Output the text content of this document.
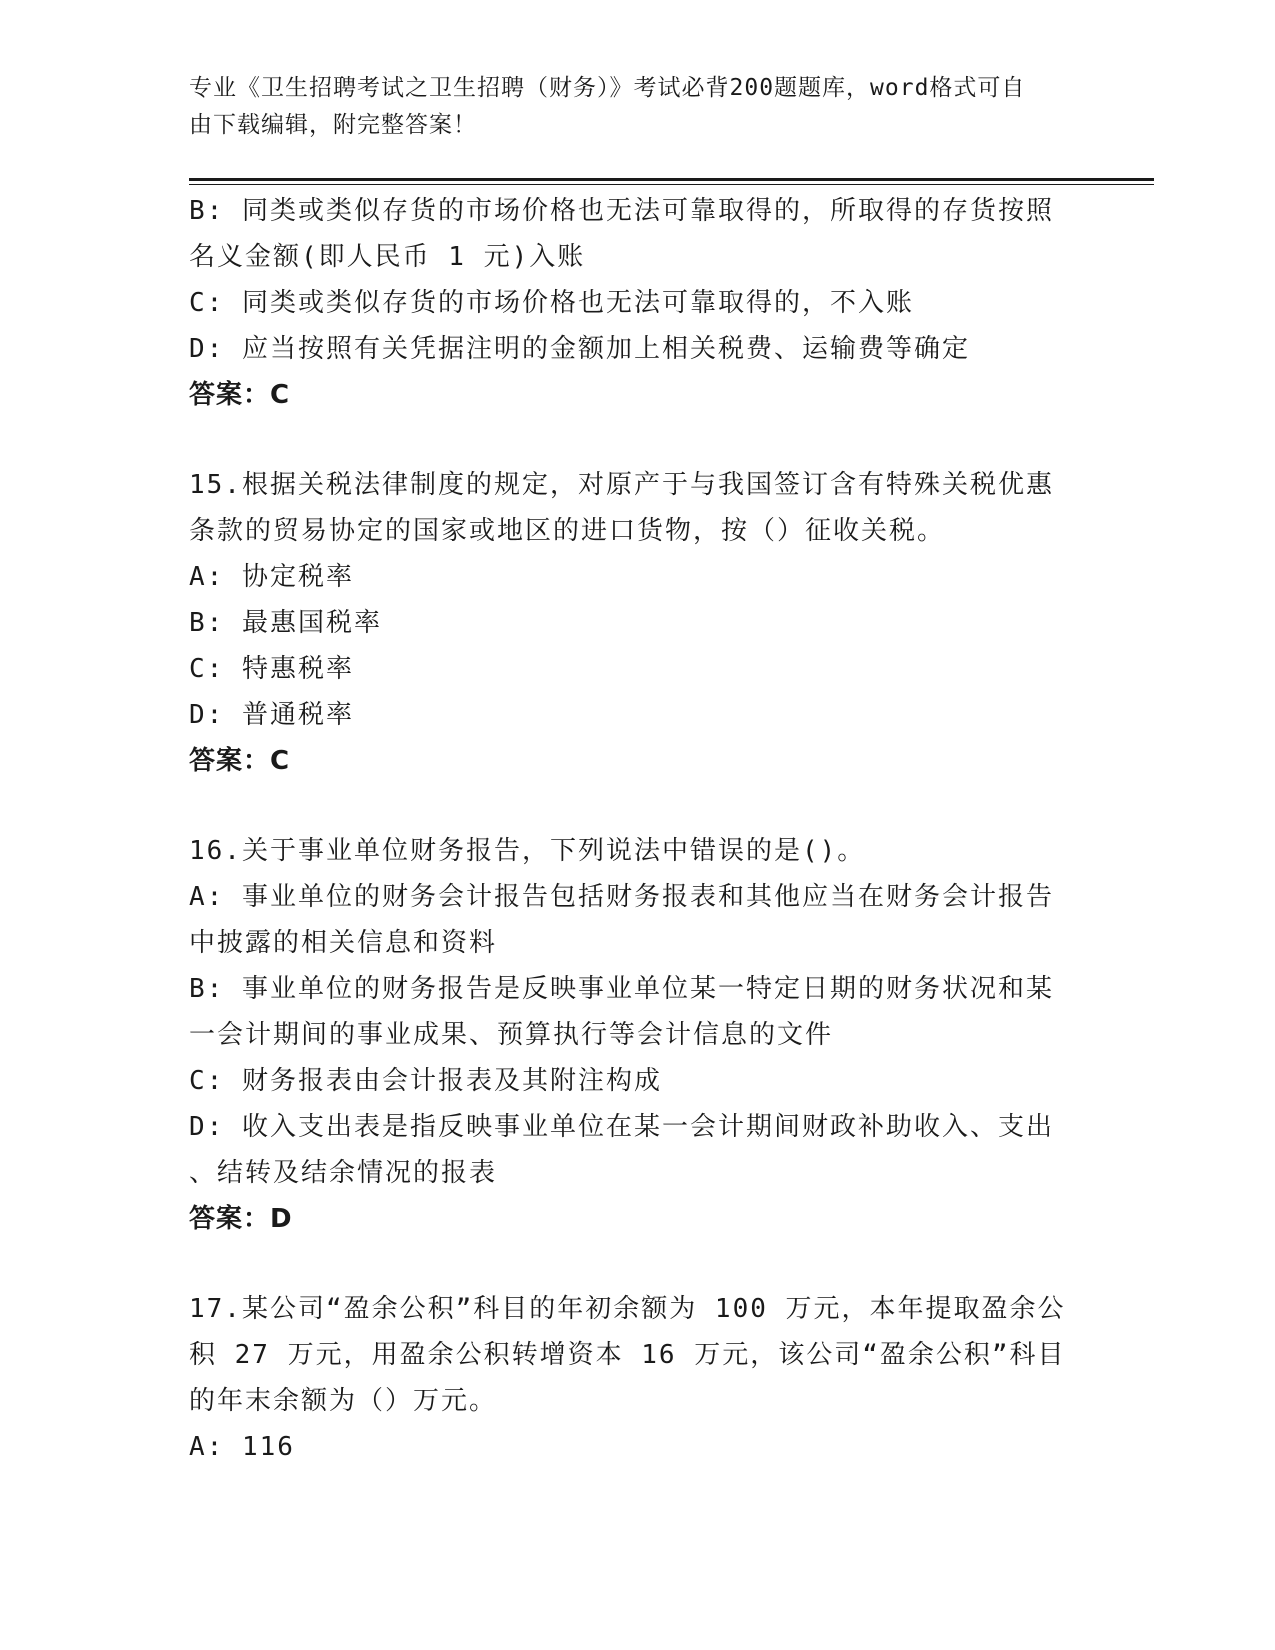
专业《卫生招聘考试之卫生招聘（财务）》考试必背200题题库，word格式可自
由下载编辑，附完整答案！
B: 同类或类似存货的市场价格也无法可靠取得的，所取得的存货按照
名义金额(即人民币 1 元)入账
C: 同类或类似存货的市场价格也无法可靠取得的，不入账
D: 应当按照有关凭据注明的金额加上相关税费、运输费等确定
答案：C
15.根据关税法律制度的规定，对原产于与我国签订含有特殊关税优惠
条款的贸易协定的国家或地区的进口货物，按（）征收关税。
A: 协定税率
B: 最惠国税率
C: 特惠税率
D: 普通税率
答案：C
16.关于事业单位财务报告，下列说法中错误的是()。
A: 事业单位的财务会计报告包括财务报表和其他应当在财务会计报告
中披露的相关信息和资料
B: 事业单位的财务报告是反映事业单位某一特定日期的财务状况和某
一会计期间的事业成果、预算执行等会计信息的文件
C: 财务报表由会计报表及其附注构成
D: 收入支出表是指反映事业单位在某一会计期间财政补助收入、支出
、结转及结余情况的报表
答案：D
17.某公司“盈余公积”科目的年初余额为 100 万元，本年提取盈余公
积 27 万元，用盈余公积转增资本 16 万元，该公司“盈余公积”科目
的年末余额为（）万元。
A: 116
